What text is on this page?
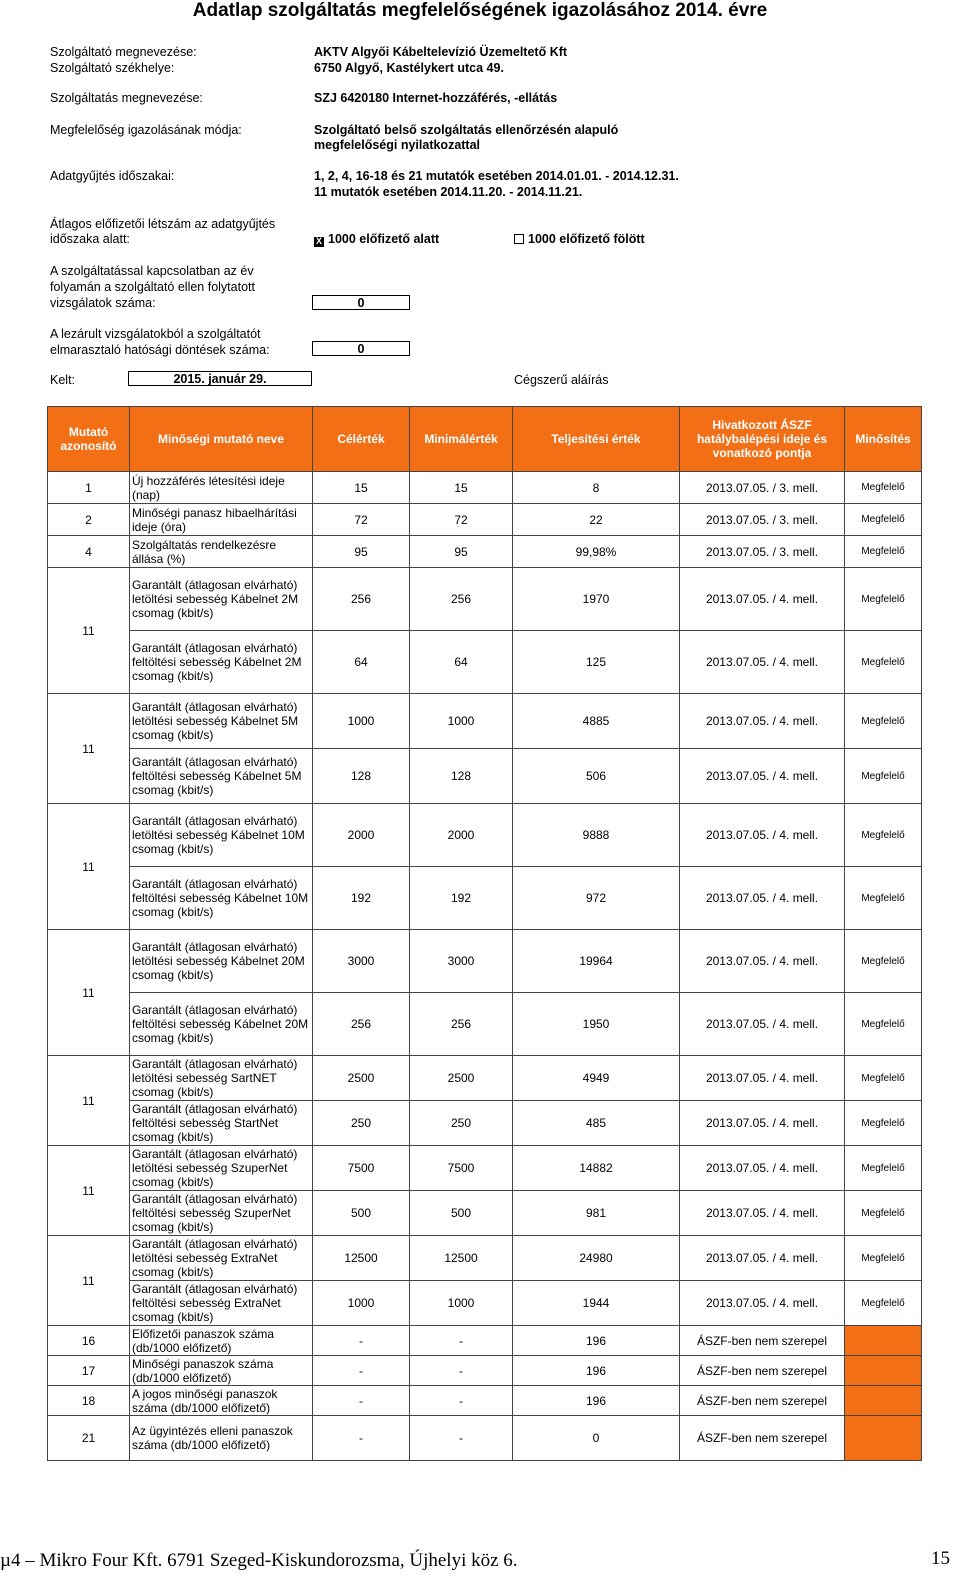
Adatlap szolgáltatás megfelelőségének igazolásához 2014. évre
Szolgáltató megnevezése:	AKTV Algyői Kábeltelevízió Üzemeltető Kft
Szolgáltató székhelye:	6750 Algyő, Kastélykert utca 49.
Szolgáltatás megnevezése:	SZJ 6420180 Internet-hozzáférés, -ellátás
Megfelelőség igazolásának módja:	Szolgáltató belső szolgáltatás ellenőrzésén alapuló
megfelelőségi nyilatkozattal
Adatgyűjtés időszakai:	1, 2, 4, 16-18 és 21 mutatók esetében 2014.01.01. - 2014.12.31.
11 mutatók esetében 2014.11.20. - 2014.11.21.
Átlagos előfizetői létszám az adatgyűjtés
időszaka alatt:	X 1000 előfizető alatt	1000 előfizető fölött
A szolgáltatással kapcsolatban az év
folyamán a szolgáltató ellen folytatott
vizsgálatok száma:	0
A lezárult vizsgálatokból a szolgáltatót
elmarasztaló hatósági döntések száma:	0
Kelt:	2015. január 29.	Cégszerű aláírás
Mutató azonosító	Minőségi mutató neve	Célérték	Minimálérték	Teljesítési érték	Hivatkozott ÁSZF hatálybalépési ideje és vonatkozó pontja	Minősítés
1	Új hozzáférés létesítési ideje (nap)	15	15	8	2013.07.05. / 3. mell.	Megfelelő
2	Minőségi panasz hibaelhárítási ideje (óra)	72	72	22	2013.07.05. / 3. mell.	Megfelelő
4	Szolgáltatás rendelkezésre állása (%)	95	95	99,98%	2013.07.05. / 3. mell.	Megfelelő
11	Garantált (átlagosan elvárható) letöltési sebesség Kábelnet 2M csomag (kbit/s)	256	256	1970	2013.07.05. / 4. mell.	Megfelelő
	Garantált (átlagosan elvárható) feltöltési sebesség Kábelnet 2M csomag (kbit/s)	64	64	125	2013.07.05. / 4. mell.	Megfelelő
11	Garantált (átlagosan elvárható) letöltési sebesség Kábelnet 5M csomag (kbit/s)	1000	1000	4885	2013.07.05. / 4. mell.	Megfelelő
	Garantált (átlagosan elvárható) feltöltési sebesség Kábelnet 5M csomag (kbit/s)	128	128	506	2013.07.05. / 4. mell.	Megfelelő
11	Garantált (átlagosan elvárható) letöltési sebesség Kábelnet 10M csomag (kbit/s)	2000	2000	9888	2013.07.05. / 4. mell.	Megfelelő
	Garantált (átlagosan elvárható) feltöltési sebesség Kábelnet 10M csomag (kbit/s)	192	192	972	2013.07.05. / 4. mell.	Megfelelő
11	Garantált (átlagosan elvárható) letöltési sebesség Kábelnet 20M csomag (kbit/s)	3000	3000	19964	2013.07.05. / 4. mell.	Megfelelő
	Garantált (átlagosan elvárható) feltöltési sebesség Kábelnet 20M csomag (kbit/s)	256	256	1950	2013.07.05. / 4. mell.	Megfelelő
11	Garantált (átlagosan elvárható) letöltési sebesség SartNET csomag (kbit/s)	2500	2500	4949	2013.07.05. / 4. mell.	Megfelelő
	Garantált (átlagosan elvárható) feltöltési sebesség StartNet csomag (kbit/s)	250	250	485	2013.07.05. / 4. mell.	Megfelelő
11	Garantált (átlagosan elvárható) letöltési sebesség SzuperNet csomag (kbit/s)	7500	7500	14882	2013.07.05. / 4. mell.	Megfelelő
	Garantált (átlagosan elvárható) feltöltési sebesség SzuperNet csomag (kbit/s)	500	500	981	2013.07.05. / 4. mell.	Megfelelő
11	Garantált (átlagosan elvárható) letöltési sebesség ExtraNet csomag (kbit/s)	12500	12500	24980	2013.07.05. / 4. mell.	Megfelelő
	Garantált (átlagosan elvárható) feltöltési sebesség ExtraNet csomag (kbit/s)	1000	1000	1944	2013.07.05. / 4. mell.	Megfelelő
16	Előfizetői panaszok száma (db/1000 előfizető)	-	-	196	ÁSZF-ben nem szerepel	
17	Minőségi panaszok száma (db/1000 előfizető)	-	-	196	ÁSZF-ben nem szerepel	
18	A jogos minőségi panaszok száma (db/1000 előfizető)	-	-	196	ÁSZF-ben nem szerepel	
21	Az ügyintézés elleni panaszok száma (db/1000 előfizető)	-	-	0	ÁSZF-ben nem szerepel	
µ4 – Mikro Four Kft. 6791 Szeged-Kiskundorozsma, Újhelyi köz 6.	15
